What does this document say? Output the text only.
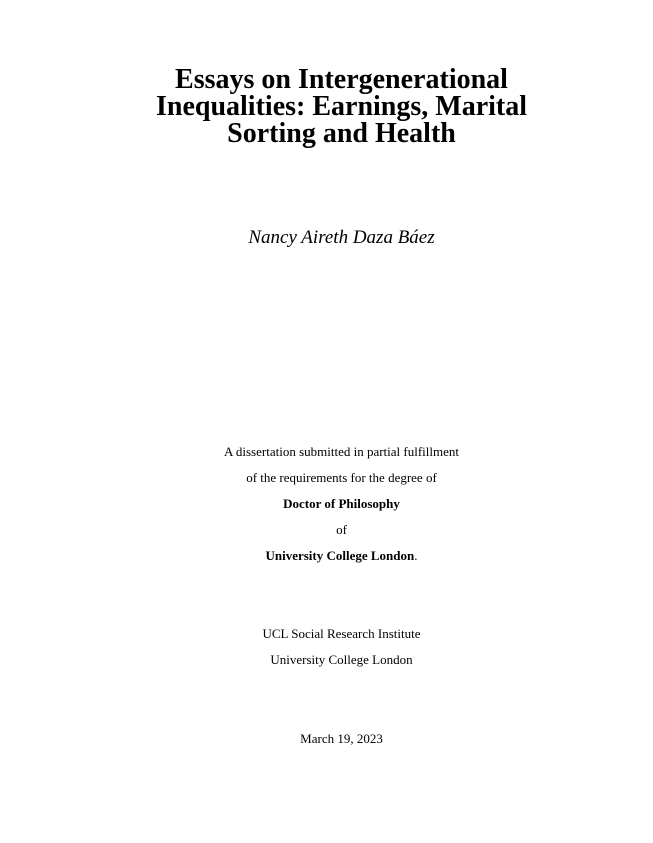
Essays on Intergenerational
Inequalities: Earnings, Marital
Sorting and Health
Nancy Aireth Daza Báez
A dissertation submitted in partial fulfillment
of the requirements for the degree of
Doctor of Philosophy
of
University College London.
UCL Social Research Institute
University College London
March 19, 2023
